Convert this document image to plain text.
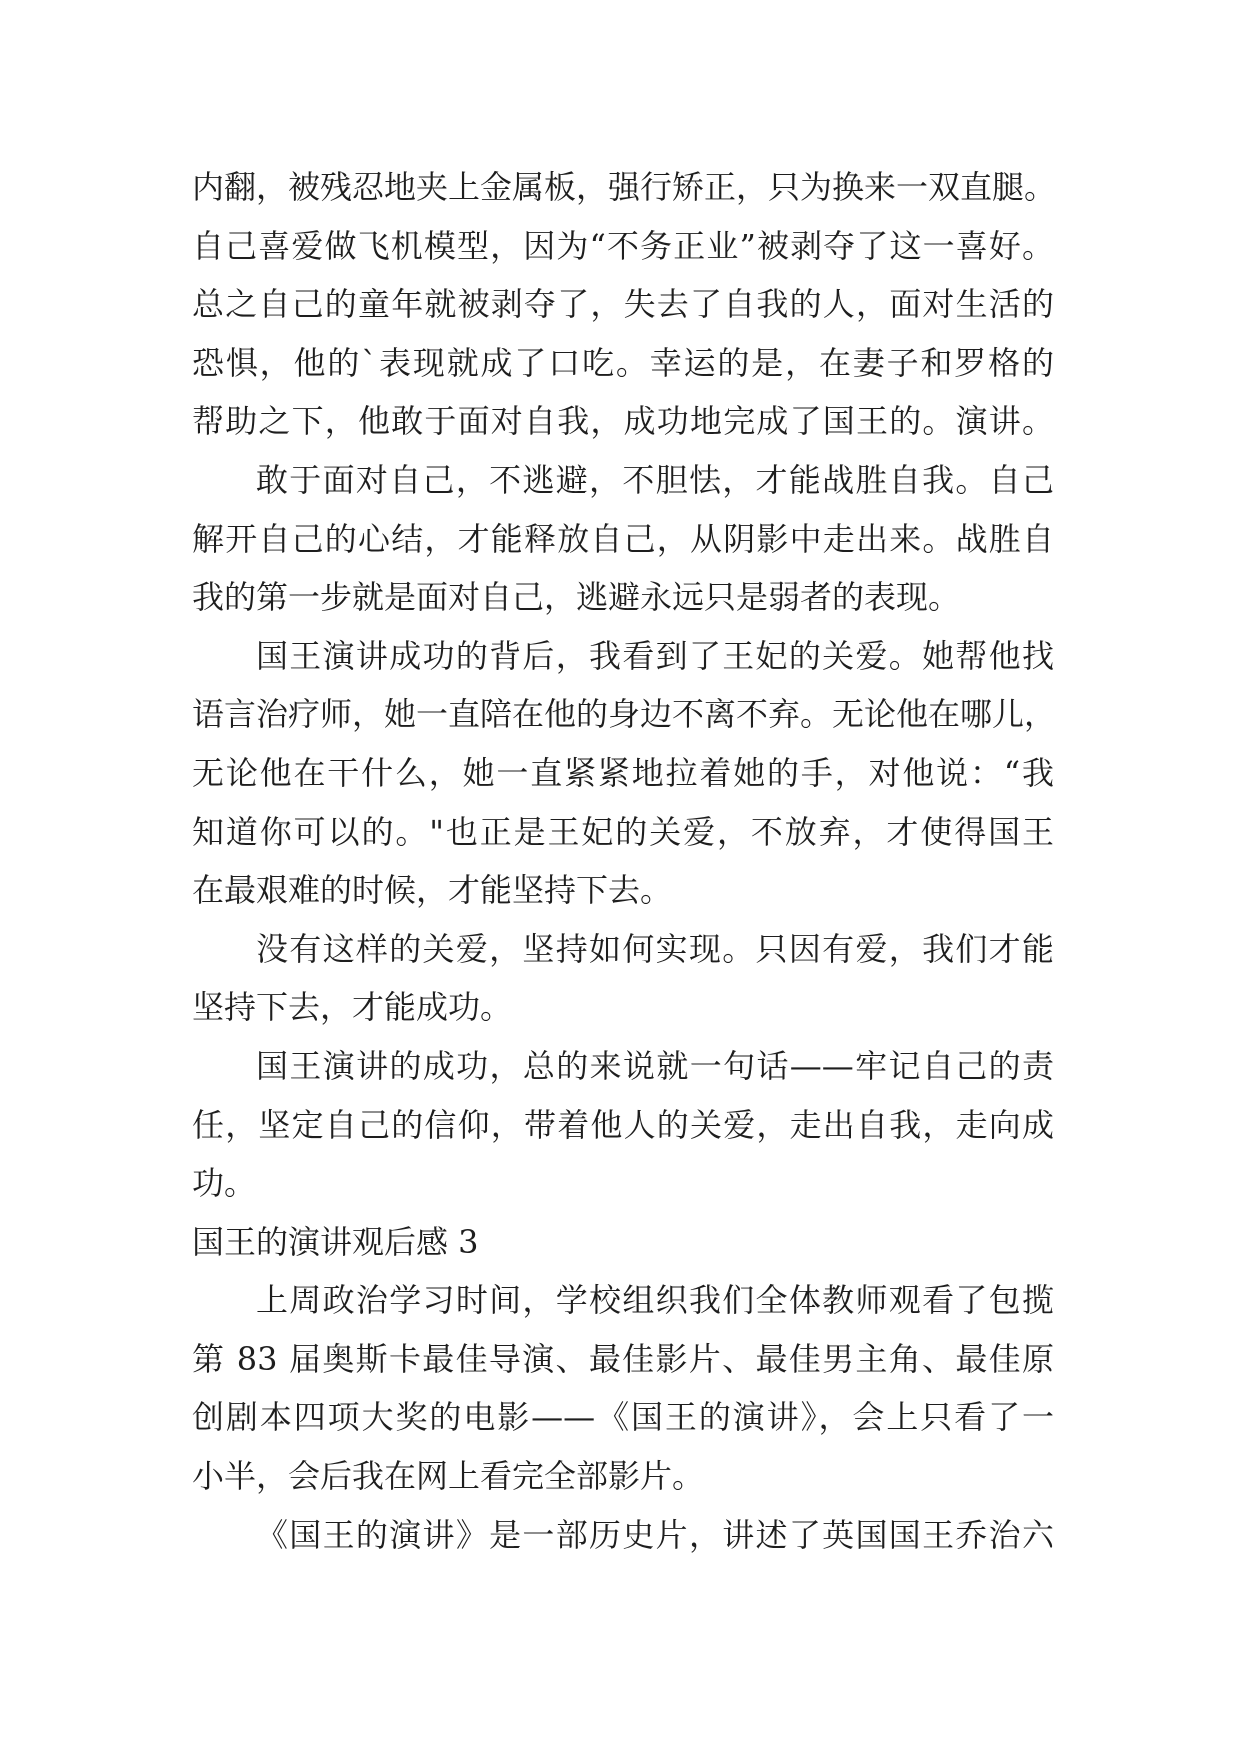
内翻，被残忍地夹上金属板，强行矫正，只为换来一双直腿。
自己喜爱做飞机模型，因为“不务正业”被剥夺了这一喜好。
总之自己的童年就被剥夺了，失去了自我的人，面对生活的
恐惧，他的`表现就成了口吃。幸运的是，在妻子和罗格的
帮助之下，他敢于面对自我，成功地完成了国王的。演讲。
敢于面对自己，不逃避，不胆怯，才能战胜自我。自己
解开自己的心结，才能释放自己，从阴影中走出来。战胜自
我的第一步就是面对自己，逃避永远只是弱者的表现。
国王演讲成功的背后，我看到了王妃的关爱。她帮他找
语言治疗师，她一直陪在他的身边不离不弃。无论他在哪儿，
无论他在干什么，她一直紧紧地拉着她的手，对他说：“我
知道你可以的。"也正是王妃的关爱，不放弃，才使得国王
在最艰难的时候，才能坚持下去。
没有这样的关爱，坚持如何实现。只因有爱，我们才能
坚持下去，才能成功。
国王演讲的成功，总的来说就一句话——牢记自己的责
任，坚定自己的信仰，带着他人的关爱，走出自我，走向成
功。
国王的演讲观后感 3
上周政治学习时间，学校组织我们全体教师观看了包揽
第 83 届奥斯卡最佳导演、最佳影片、最佳男主角、最佳原
创剧本四项大奖的电影——《国王的演讲》，会上只看了一
小半，会后我在网上看完全部影片。
《国王的演讲》是一部历史片，讲述了英国国王乔治六
